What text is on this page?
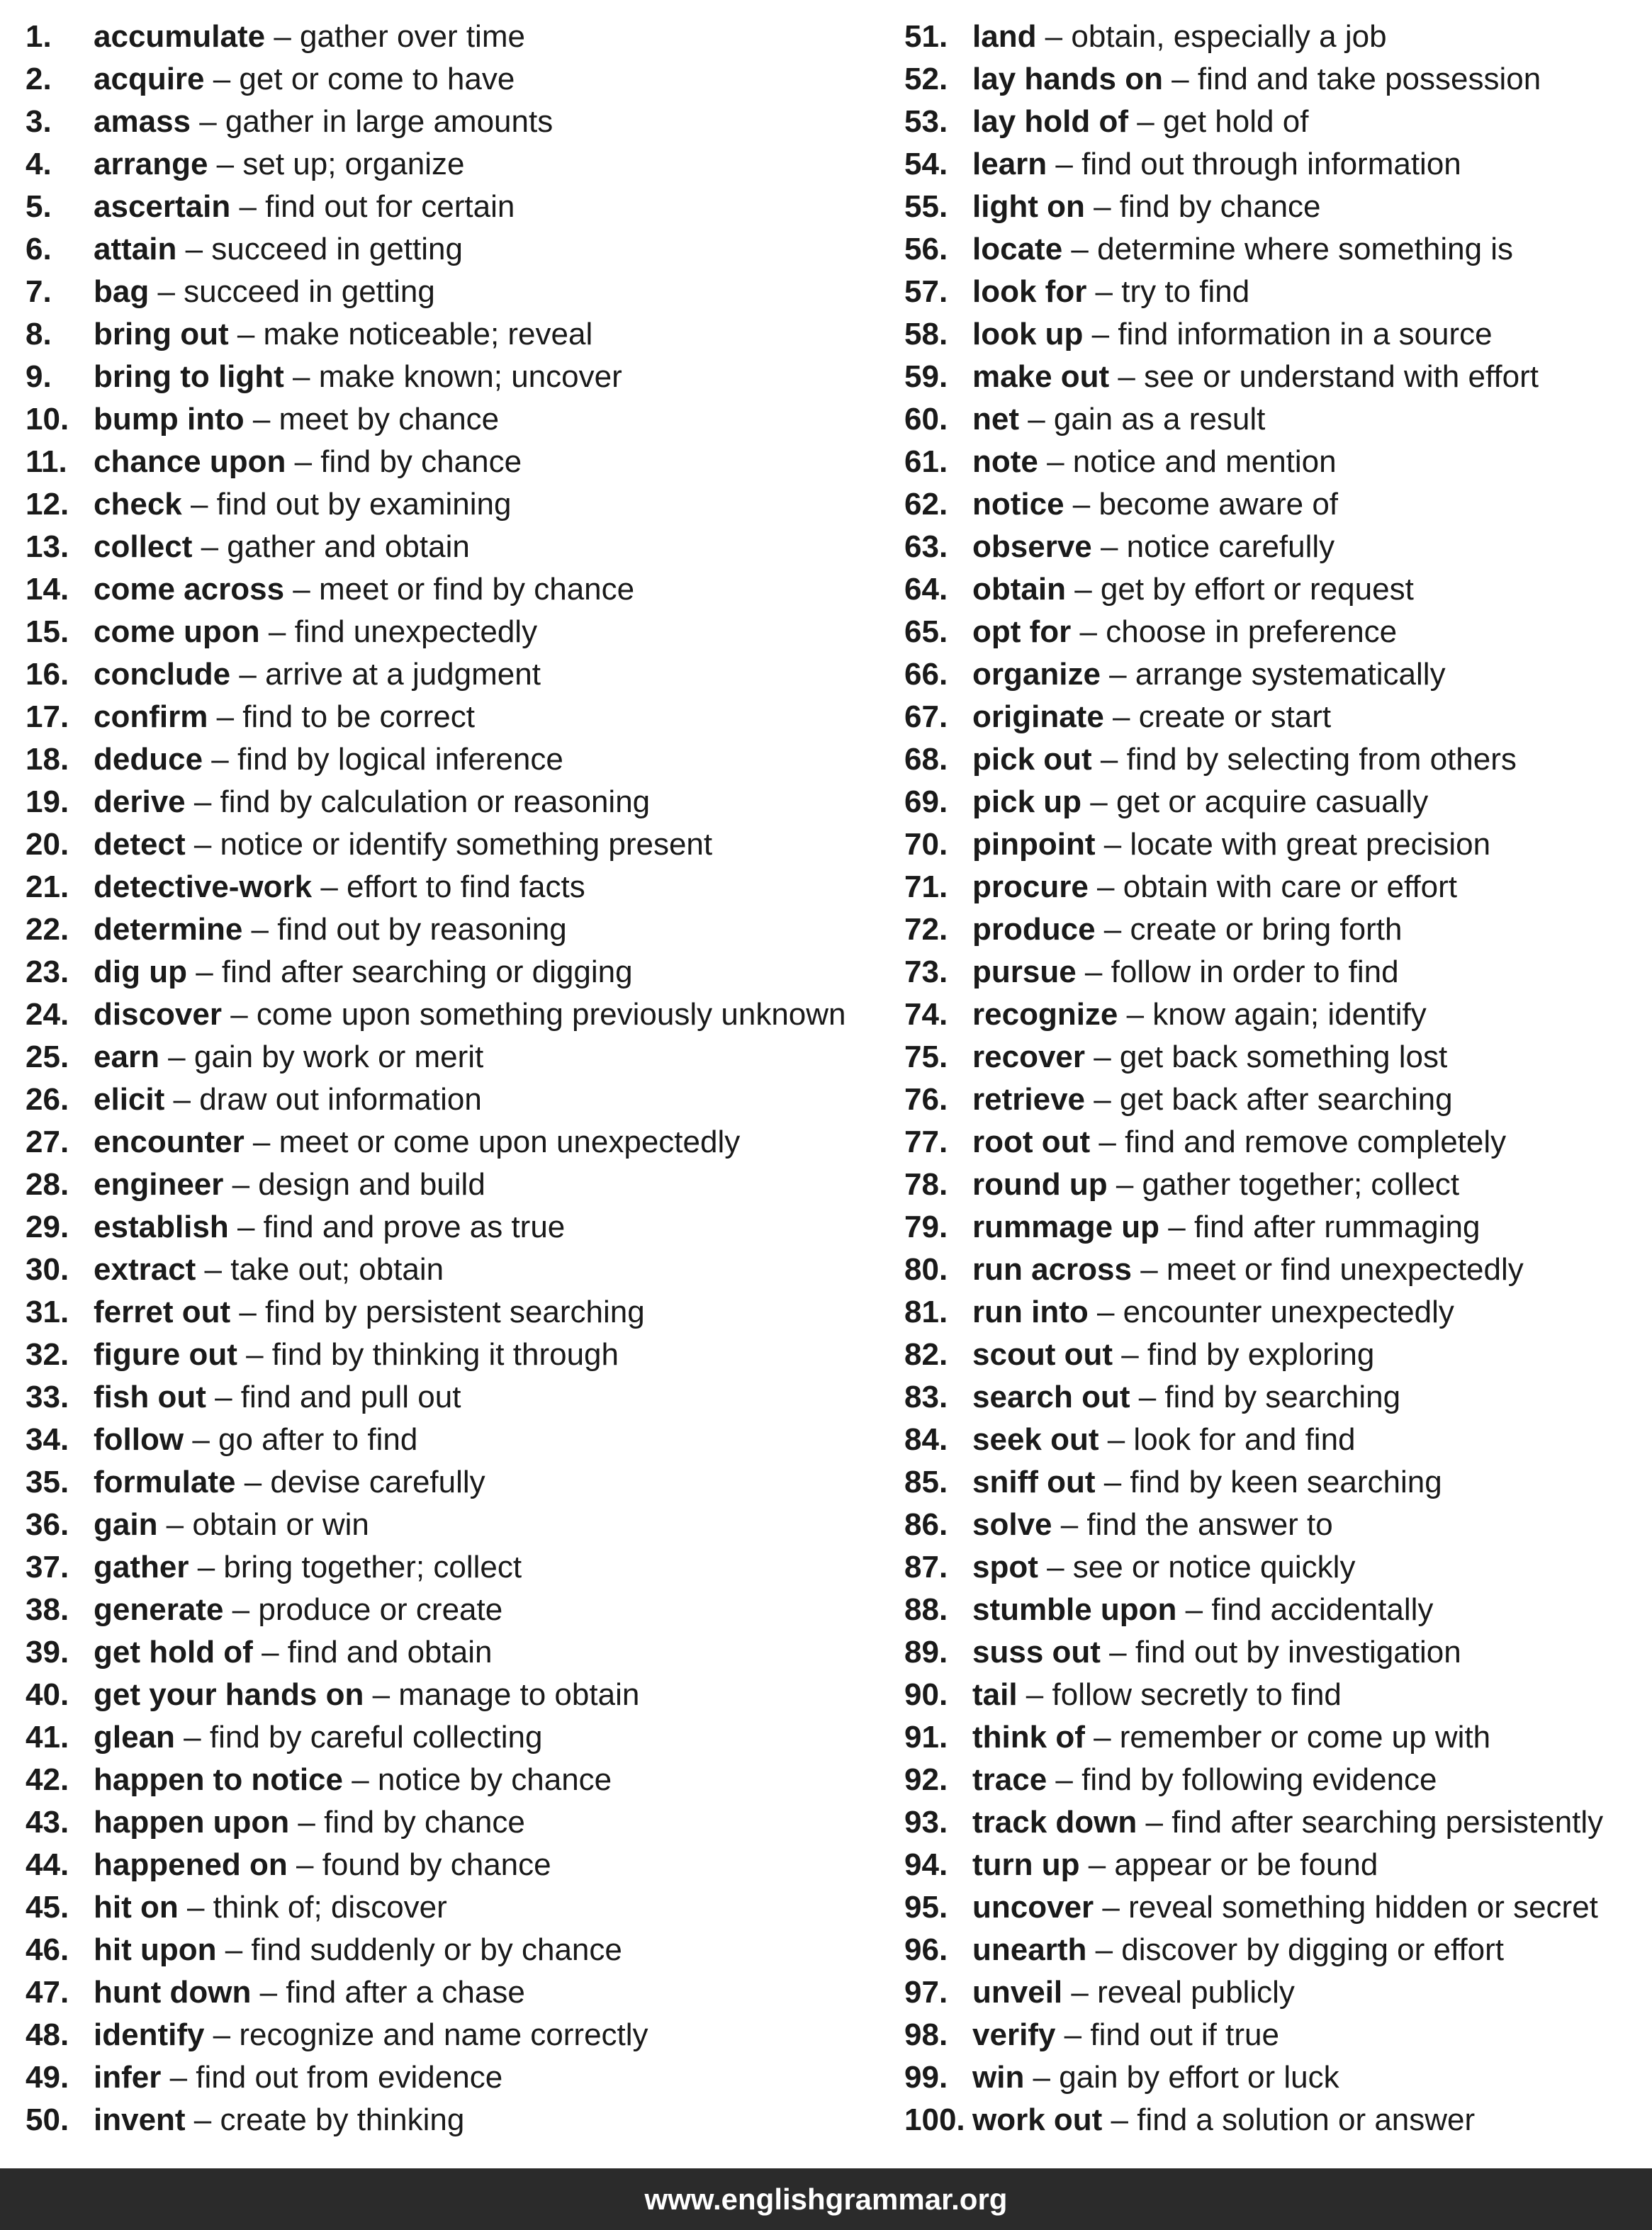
1. accumulate – gather over time
2. acquire – get or come to have
3. amass – gather in large amounts
4. arrange – set up; organize
5. ascertain – find out for certain
6. attain – succeed in getting
7. bag – succeed in getting
8. bring out – make noticeable; reveal
9. bring to light – make known; uncover
10. bump into – meet by chance
11. chance upon – find by chance
12. check – find out by examining
13. collect – gather and obtain
14. come across – meet or find by chance
15. come upon – find unexpectedly
16. conclude – arrive at a judgment
17. confirm – find to be correct
18. deduce – find by logical inference
19. derive – find by calculation or reasoning
20. detect – notice or identify something present
21. detective-work – effort to find facts
22. determine – find out by reasoning
23. dig up – find after searching or digging
24. discover – come upon something previously unknown
25. earn – gain by work or merit
26. elicit – draw out information
27. encounter – meet or come upon unexpectedly
28. engineer – design and build
29. establish – find and prove as true
30. extract – take out; obtain
31. ferret out – find by persistent searching
32. figure out – find by thinking it through
33. fish out – find and pull out
34. follow – go after to find
35. formulate – devise carefully
36. gain – obtain or win
37. gather – bring together; collect
38. generate – produce or create
39. get hold of – find and obtain
40. get your hands on – manage to obtain
41. glean – find by careful collecting
42. happen to notice – notice by chance
43. happen upon – find by chance
44. happened on – found by chance
45. hit on – think of; discover
46. hit upon – find suddenly or by chance
47. hunt down – find after a chase
48. identify – recognize and name correctly
49. infer – find out from evidence
50. invent – create by thinking
51. land – obtain, especially a job
52. lay hands on – find and take possession
53. lay hold of – get hold of
54. learn – find out through information
55. light on – find by chance
56. locate – determine where something is
57. look for – try to find
58. look up – find information in a source
59. make out – see or understand with effort
60. net – gain as a result
61. note – notice and mention
62. notice – become aware of
63. observe – notice carefully
64. obtain – get by effort or request
65. opt for – choose in preference
66. organize – arrange systematically
67. originate – create or start
68. pick out – find by selecting from others
69. pick up – get or acquire casually
70. pinpoint – locate with great precision
71. procure – obtain with care or effort
72. produce – create or bring forth
73. pursue – follow in order to find
74. recognize – know again; identify
75. recover – get back something lost
76. retrieve – get back after searching
77. root out – find and remove completely
78. round up – gather together; collect
79. rummage up – find after rummaging
80. run across – meet or find unexpectedly
81. run into – encounter unexpectedly
82. scout out – find by exploring
83. search out – find by searching
84. seek out – look for and find
85. sniff out – find by keen searching
86. solve – find the answer to
87. spot – see or notice quickly
88. stumble upon – find accidentally
89. suss out – find out by investigation
90. tail – follow secretly to find
91. think of – remember or come up with
92. trace – find by following evidence
93. track down – find after searching persistently
94. turn up – appear or be found
95. uncover – reveal something hidden or secret
96. unearth – discover by digging or effort
97. unveil – reveal publicly
98. verify – find out if true
99. win – gain by effort or luck
100. work out – find a solution or answer
www.englishgrammar.org
